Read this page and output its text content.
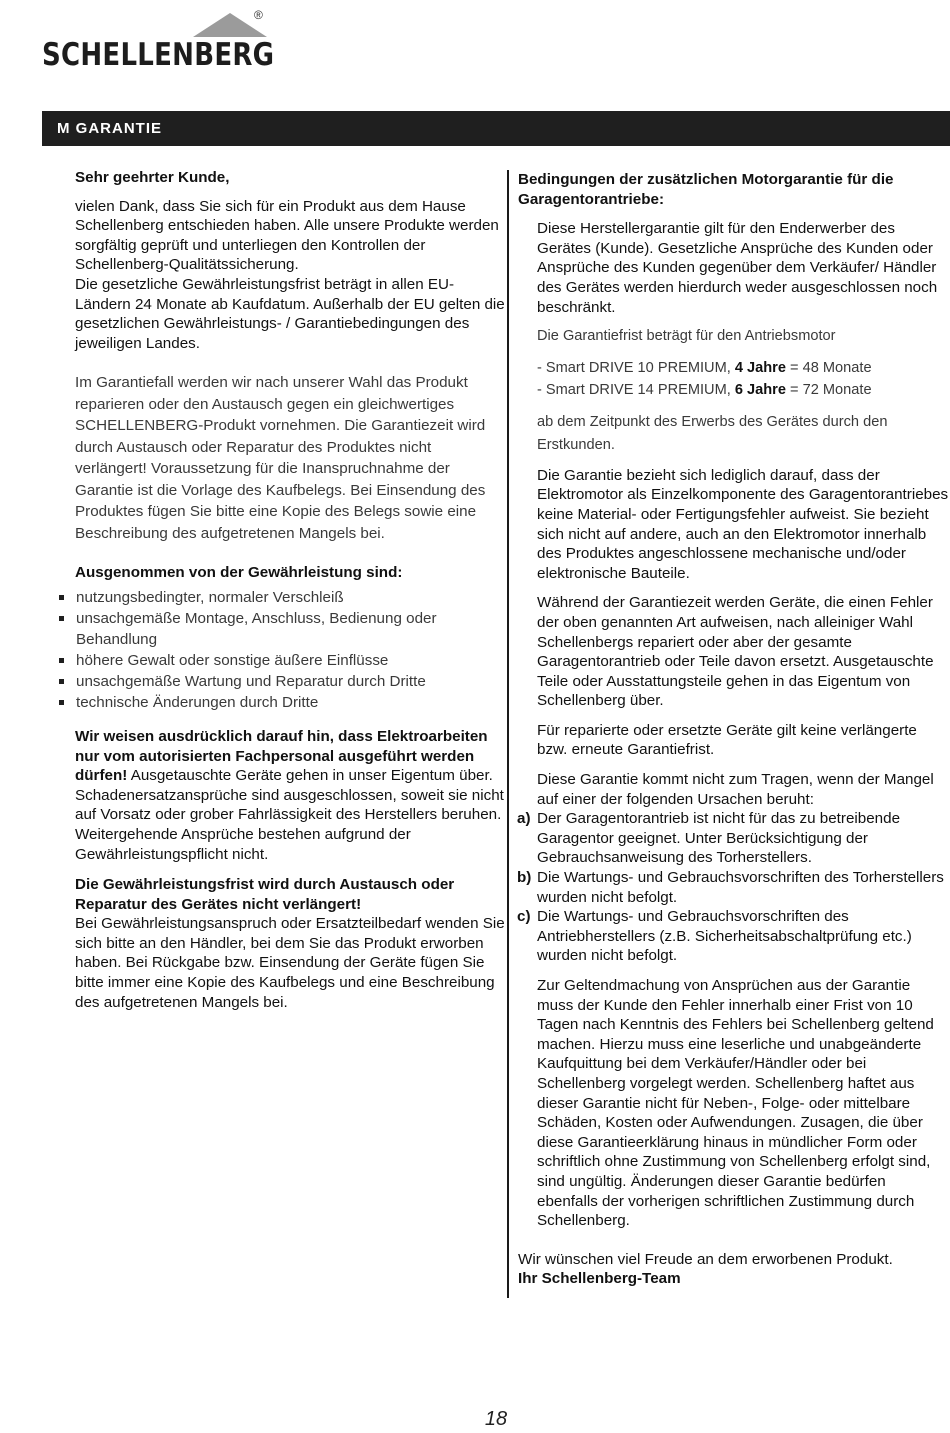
®
SCHELLENBERG
M GARANTIE

Sehr geehrter Kunde,

vielen Dank, dass Sie sich für ein Produkt aus dem Hause Schellenberg entschieden haben. Alle unsere Produkte werden sorgfältig geprüft und unterliegen den Kontrollen der Schellenberg-Qualitätssicherung.
Die gesetzliche Gewährleistungsfrist beträgt in allen EU-Ländern 24 Monate ab Kaufdatum. Außerhalb der EU gelten die gesetzlichen Gewährleistungs- / Garantiebedingungen des jeweiligen Landes.

Im Garantiefall werden wir nach unserer Wahl das Produkt reparieren oder den Austausch gegen ein gleichwertiges SCHELLENBERG-Produkt vornehmen. Die Garantiezeit wird durch Austausch oder Reparatur des Produktes nicht verlängert! Voraussetzung für die Inanspruchnahme der Garantie ist die Vorlage des Kaufbelegs. Bei Einsendung des Produktes fügen Sie bitte eine Kopie des Belegs sowie eine Beschreibung des aufgetretenen Mangels bei.

Ausgenommen von der Gewährleistung sind:

nutzungsbedingter, normaler Verschleiß
unsachgemäße Montage, Anschluss, Bedienung oder Behandlung
höhere Gewalt oder sonstige äußere Einflüsse
unsachgemäße Wartung und Reparatur durch Dritte
technische Änderungen durch Dritte

Wir weisen ausdrücklich darauf hin, dass Elektroarbeiten nur vom autorisierten Fachpersonal ausgeführt werden dürfen! Ausgetauschte Geräte gehen in unser Eigentum über. Schadenersatzansprüche sind ausgeschlossen, soweit sie nicht auf Vorsatz oder grober Fahrlässigkeit des Herstellers beruhen. Weitergehende Ansprüche bestehen aufgrund der Gewährleistungspflicht nicht.

Die Gewährleistungsfrist wird durch Austausch oder Reparatur des Gerätes nicht verlängert!

Bei Gewährleistungsanspruch oder Ersatzteilbedarf wenden Sie sich bitte an den Händler, bei dem Sie das Produkt erworben haben. Bei Rückgabe bzw. Einsendung der Geräte fügen Sie bitte immer eine Kopie des Kaufbelegs und eine Beschreibung des aufgetretenen Mangels bei.

Bedingungen der zusätzlichen Motorgarantie für die Garagentorantriebe:

Diese Herstellergarantie gilt für den Enderwerber des Gerätes (Kunde). Gesetzliche Ansprüche des Kunden oder Ansprüche des Kunden gegenüber dem Verkäufer/ Händler des Gerätes werden hierdurch weder ausgeschlossen noch beschränkt.

Die Garantiefrist beträgt für den Antriebsmotor

- Smart DRIVE 10 PREMIUM, 4 Jahre = 48 Monate
- Smart DRIVE 14 PREMIUM, 6 Jahre = 72 Monate

ab dem Zeitpunkt des Erwerbs des Gerätes durch den Erstkunden.

Die Garantie bezieht sich lediglich darauf, dass der Elektromotor als Einzelkomponente des Garagentorantriebes keine Material- oder Fertigungsfehler aufweist. Sie bezieht sich nicht auf andere, auch an den Elektromotor innerhalb des Produktes angeschlossene mechanische und/oder elektronische Bauteile.

Während der Garantiezeit werden Geräte, die einen Fehler der oben genannten Art aufweisen, nach alleiniger Wahl Schellenbergs repariert oder aber der gesamte Garagentorantrieb oder Teile davon ersetzt. Ausgetauschte Teile oder Ausstattungsteile gehen in das Eigentum von Schellenberg über.

Für reparierte oder ersetzte Geräte gilt keine verlängerte bzw. erneute Garantiefrist.

Diese Garantie kommt nicht zum Tragen, wenn der Mangel auf einer der folgenden Ursachen beruht:

a) Der Garagentorantrieb ist nicht für das zu betreibende Garagentor geeignet. Unter Berücksichtigung der Gebrauchsanweisung des Torherstellers.
b) Die Wartungs- und Gebrauchsvorschriften des Torherstellers wurden nicht befolgt.
c) Die Wartungs- und Gebrauchsvorschriften des Antriebherstellers (z.B. Sicherheitsabschaltprüfung etc.) wurden nicht befolgt.

Zur Geltendmachung von Ansprüchen aus der Garantie muss der Kunde den Fehler innerhalb einer Frist von 10 Tagen nach Kenntnis des Fehlers bei Schellenberg geltend machen. Hierzu muss eine leserliche und unabgeänderte Kaufquittung bei dem Verkäufer/Händler oder bei Schellenberg vorgelegt werden. Schellenberg haftet aus dieser Garantie nicht für Neben-, Folge- oder mittelbare Schäden, Kosten oder Aufwendungen. Zusagen, die über diese Garantieerklärung hinaus in mündlicher Form oder schriftlich ohne Zustimmung von Schellenberg erfolgt sind, sind ungültig. Änderungen dieser Garantie bedürfen ebenfalls der vorherigen schriftlichen Zustimmung durch Schellenberg.

Wir wünschen viel Freude an dem erworbenen Produkt.

Ihr Schellenberg-Team

18
